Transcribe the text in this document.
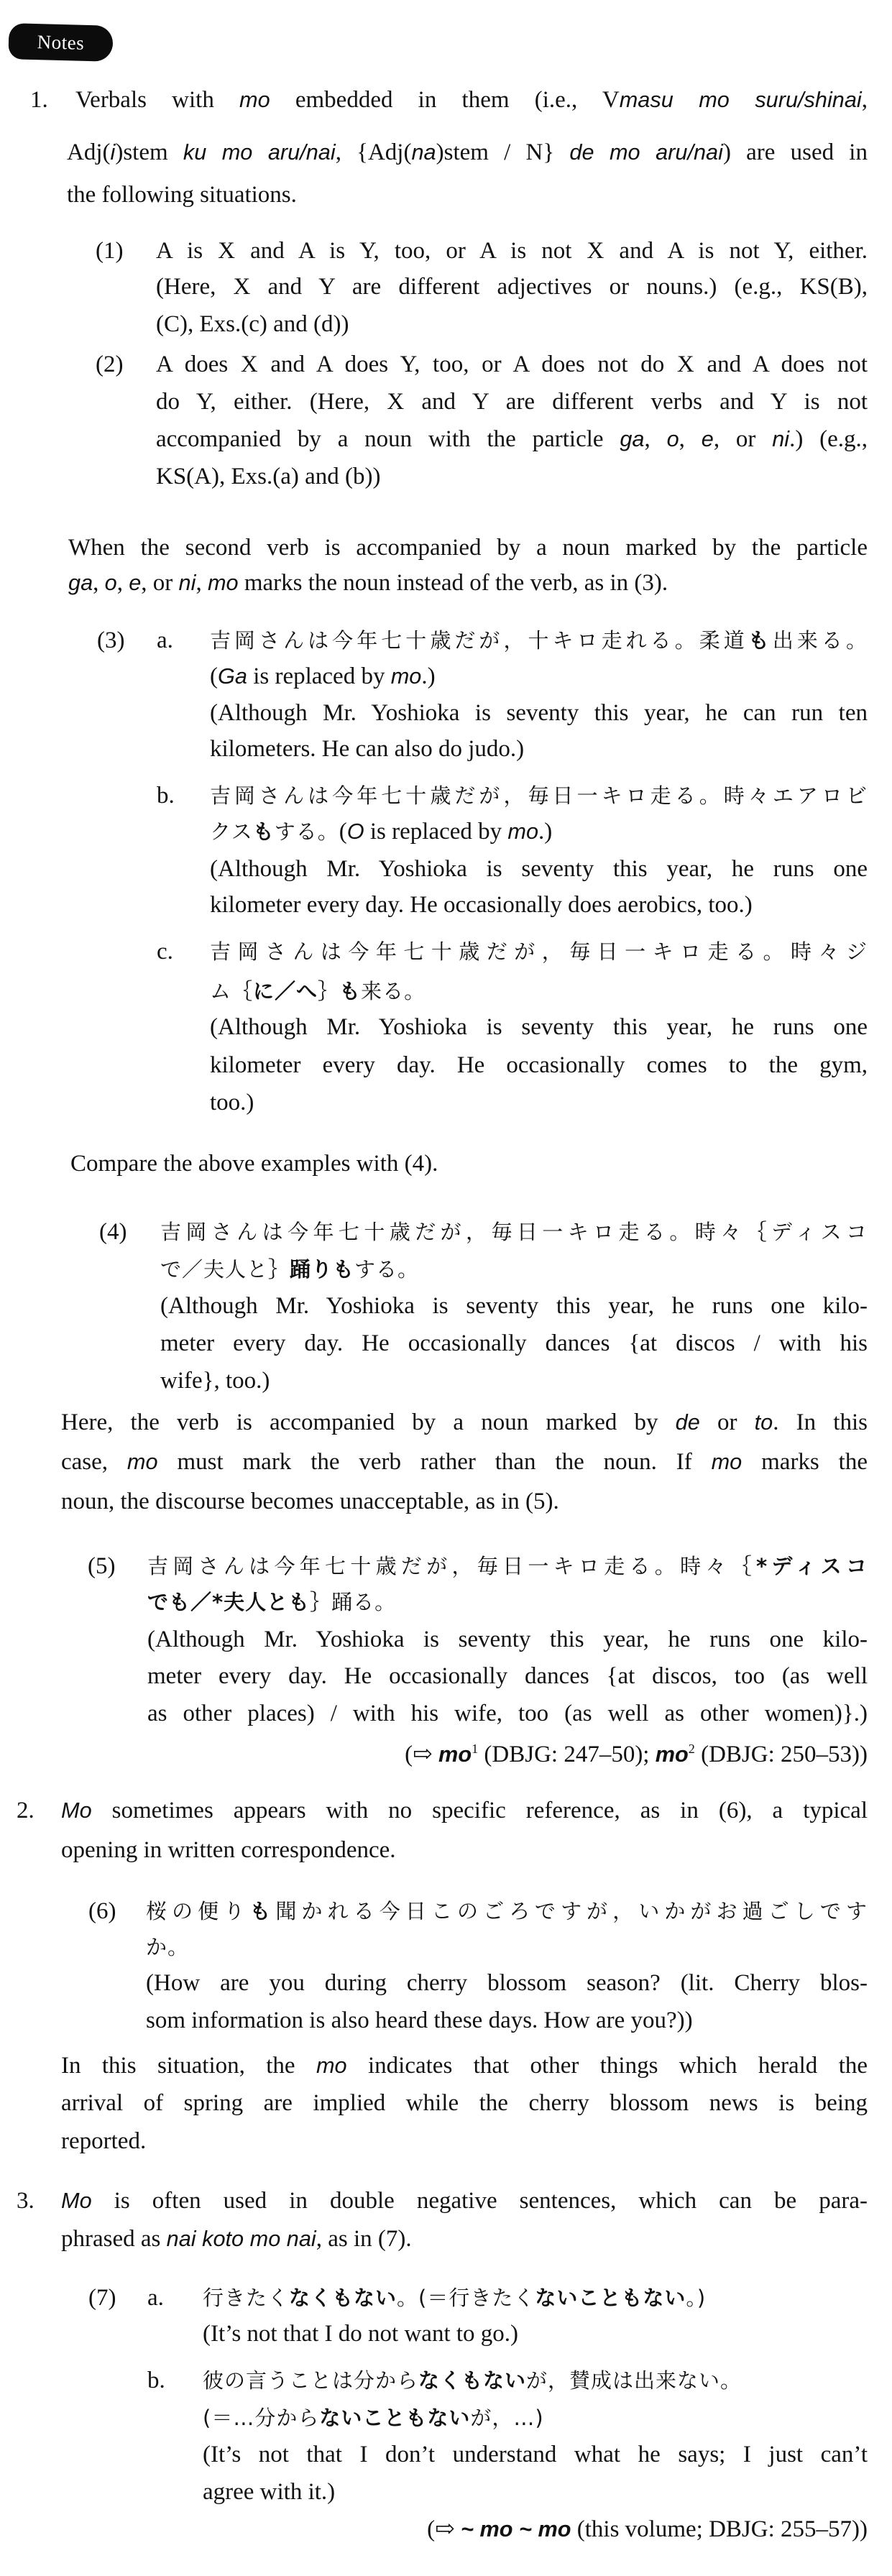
Notes
1. Verbals with mo embedded in them (i.e., Vmasu mo suru/shinai,
Adj(i)stem ku mo aru/nai, {Adj(na)stem / N} de mo aru/nai) are used in
the following situations.
(1) A is X and A is Y, too, or A is not X and A is not Y, either.
(Here, X and Y are different adjectives or nouns.) (e.g., KS(B),
(C), Exs.(c) and (d))
(2) A does X and A does Y, too, or A does not do X and A does not
do Y, either. (Here, X and Y are different verbs and Y is not
accompanied by a noun with the particle ga, o, e, or ni.) (e.g.,
KS(A), Exs.(a) and (b))
When the second verb is accompanied by a noun marked by the particle
ga, o, e, or ni, mo marks the noun instead of the verb, as in (3).
(3) a. 吉岡さんは今年七十歳だが，十キロ走れる。柔道も出来る。
(Ga is replaced by mo.)
(Although Mr. Yoshioka is seventy this year, he can run ten
kilometers. He can also do judo.)
b. 吉岡さんは今年七十歳だが，毎日一キロ走る。時々エアロビ
クスもする。(O is replaced by mo.)
(Although Mr. Yoshioka is seventy this year, he runs one
kilometer every day. He occasionally does aerobics, too.)
c. 吉岡さんは今年七十歳だが，毎日一キロ走る。時々ジ
ム｛に／へ｝も来る。
(Although Mr. Yoshioka is seventy this year, he runs one
kilometer every day. He occasionally comes to the gym,
too.)
Compare the above examples with (4).
(4) 吉岡さんは今年七十歳だが，毎日一キロ走る。時々｛ディスコ
で／夫人と｝踊りもする。
(Although Mr. Yoshioka is seventy this year, he runs one kilo-
meter every day. He occasionally dances {at discos / with his
wife}, too.)
Here, the verb is accompanied by a noun marked by de or to. In this
case, mo must mark the verb rather than the noun. If mo marks the
noun, the discourse becomes unacceptable, as in (5).
(5) 吉岡さんは今年七十歳だが，毎日一キロ走る。時々｛*ディスコ
でも／*夫人とも｝踊る。
(Although Mr. Yoshioka is seventy this year, he runs one kilo-
meter every day. He occasionally dances {at discos, too (as well
as other places) / with his wife, too (as well as other women)}.)
(⇨ $mo^1$ (DBJG: 247–50); $mo^2$ (DBJG: 250–53))
2. Mo sometimes appears with no specific reference, as in (6), a typical
opening in written correspondence.
(6) 桜の便りも聞かれる今日このごろですが，いかがお過ごしです
か。
(How are you during cherry blossom season? (lit. Cherry blos-
som information is also heard these days. How are you?))
In this situation, the mo indicates that other things which herald the
arrival of spring are implied while the cherry blossom news is being
reported.
3. Mo is often used in double negative sentences, which can be para-
phrased as nai koto mo nai, as in (7).
(7) a. 行きたくなくもない。(＝行きたくないこともない。)
(It’s not that I do not want to go.)
b. 彼の言うことは分からなくもないが，賛成は出来ない。
(＝…分からないこともないが，…)
(It’s not that I don’t understand what he says; I just can’t
agree with it.)
(⇨ ~ mo ~ mo (this volume; DBJG: 255–57))
